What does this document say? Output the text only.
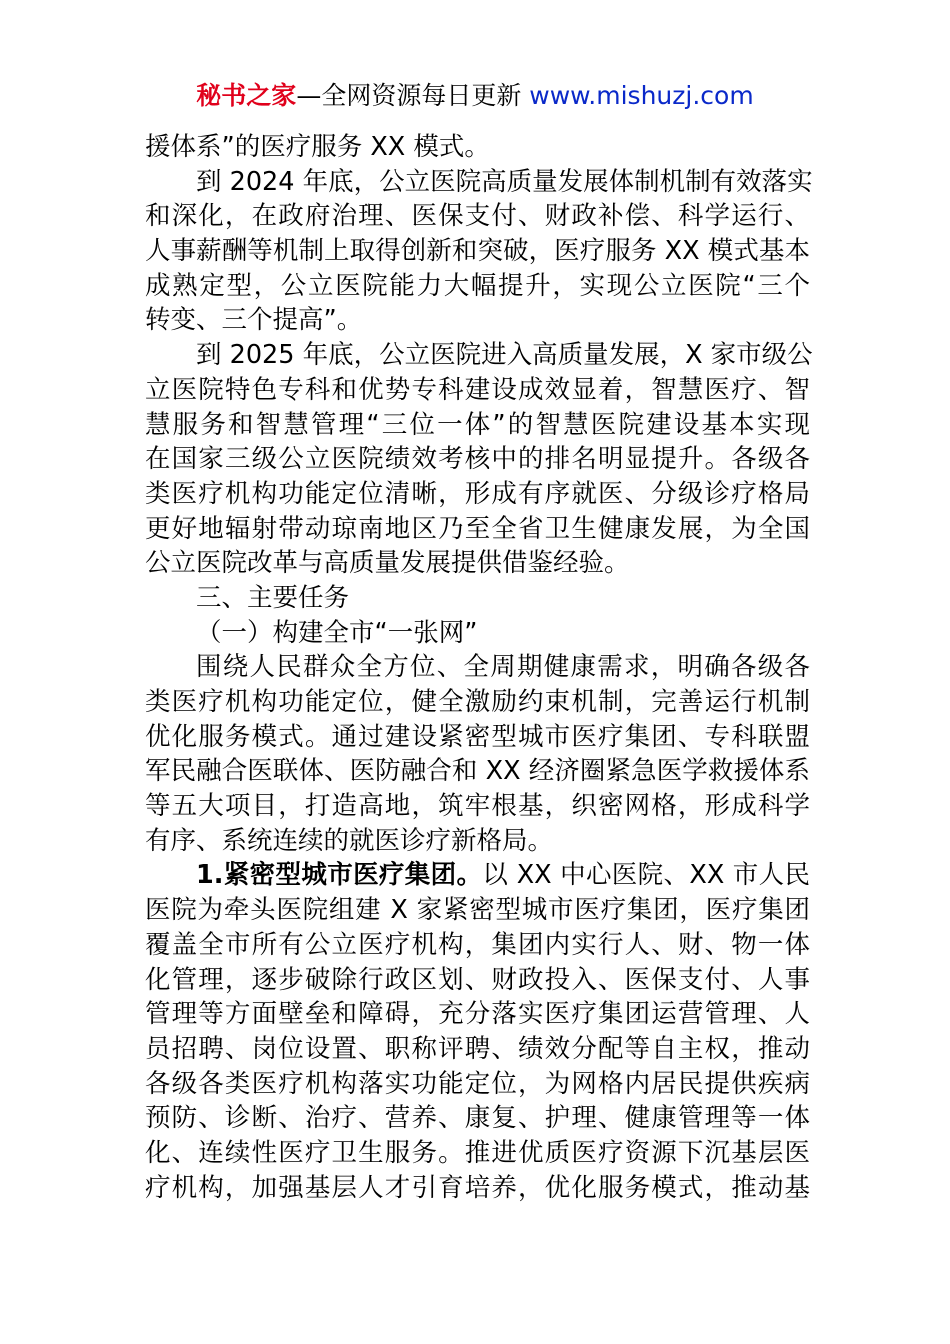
秘书之家—全网资源每日更新 www.mishuzj.com
援体系”的医疗服务 XX 模式。
到 2024 年底，公立医院高质量发展体制机制有效落实
和深化，在政府治理、医保支付、财政补偿、科学运行、
人事薪酬等机制上取得创新和突破，医疗服务 XX 模式基本
成熟定型，公立医院能力大幅提升，实现公立医院“三个
转变、三个提高”。
到 2025 年底，公立医院进入高质量发展，X 家市级公
立医院特色专科和优势专科建设成效显着，智慧医疗、智
慧服务和智慧管理“三位一体”的智慧医院建设基本实现
在国家三级公立医院绩效考核中的排名明显提升。各级各
类医疗机构功能定位清晰，形成有序就医、分级诊疗格局
更好地辐射带动琼南地区乃至全省卫生健康发展，为全国
公立医院改革与高质量发展提供借鉴经验。
三、主要任务
（一）构建全市“一张网”
围绕人民群众全方位、全周期健康需求，明确各级各
类医疗机构功能定位，健全激励约束机制，完善运行机制
优化服务模式。通过建设紧密型城市医疗集团、专科联盟
军民融合医联体、医防融合和 XX 经济圈紧急医学救援体系
等五大项目，打造高地，筑牢根基，织密网格，形成科学
有序、系统连续的就医诊疗新格局。
1.紧密型城市医疗集团。以 XX 中心医院、XX 市人民
医院为牵头医院组建 X 家紧密型城市医疗集团，医疗集团
覆盖全市所有公立医疗机构，集团内实行人、财、物一体
化管理，逐步破除行政区划、财政投入、医保支付、人事
管理等方面壁垒和障碍，充分落实医疗集团运营管理、人
员招聘、岗位设置、职称评聘、绩效分配等自主权，推动
各级各类医疗机构落实功能定位，为网格内居民提供疾病
预防、诊断、治疗、营养、康复、护理、健康管理等一体
化、连续性医疗卫生服务。推进优质医疗资源下沉基层医
疗机构，加强基层人才引育培养，优化服务模式，推动基
